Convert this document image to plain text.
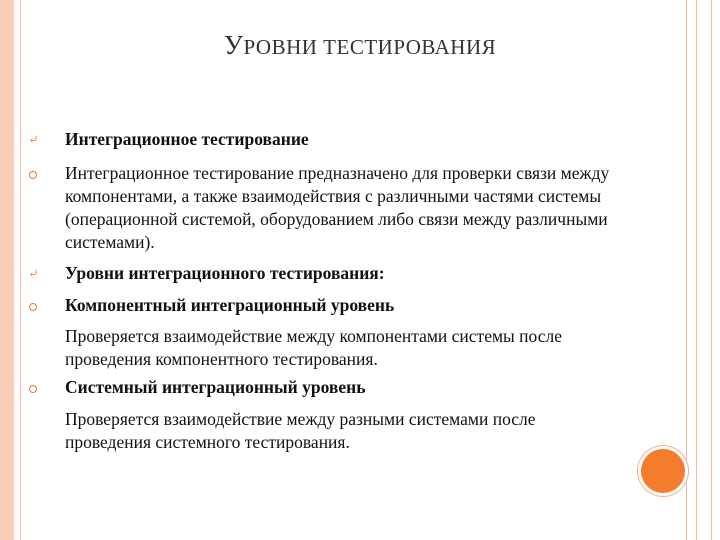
УРОВНИ ТЕСТИРОВАНИЯ
⤶ Интеграционное тестирование
Интеграционное тестирование предназначено для проверки связи между компонентами, а также взаимодействия с различными частями системы (операционной системой, оборудованием либо связи между различными системами).
⤶ Уровни интеграционного тестирования:
Компонентный интеграционный уровень
Проверяется взаимодействие между компонентами системы после проведения компонентного тестирования.
Системный интеграционный уровень
Проверяется взаимодействие между разными системами после проведения системного тестирования.
